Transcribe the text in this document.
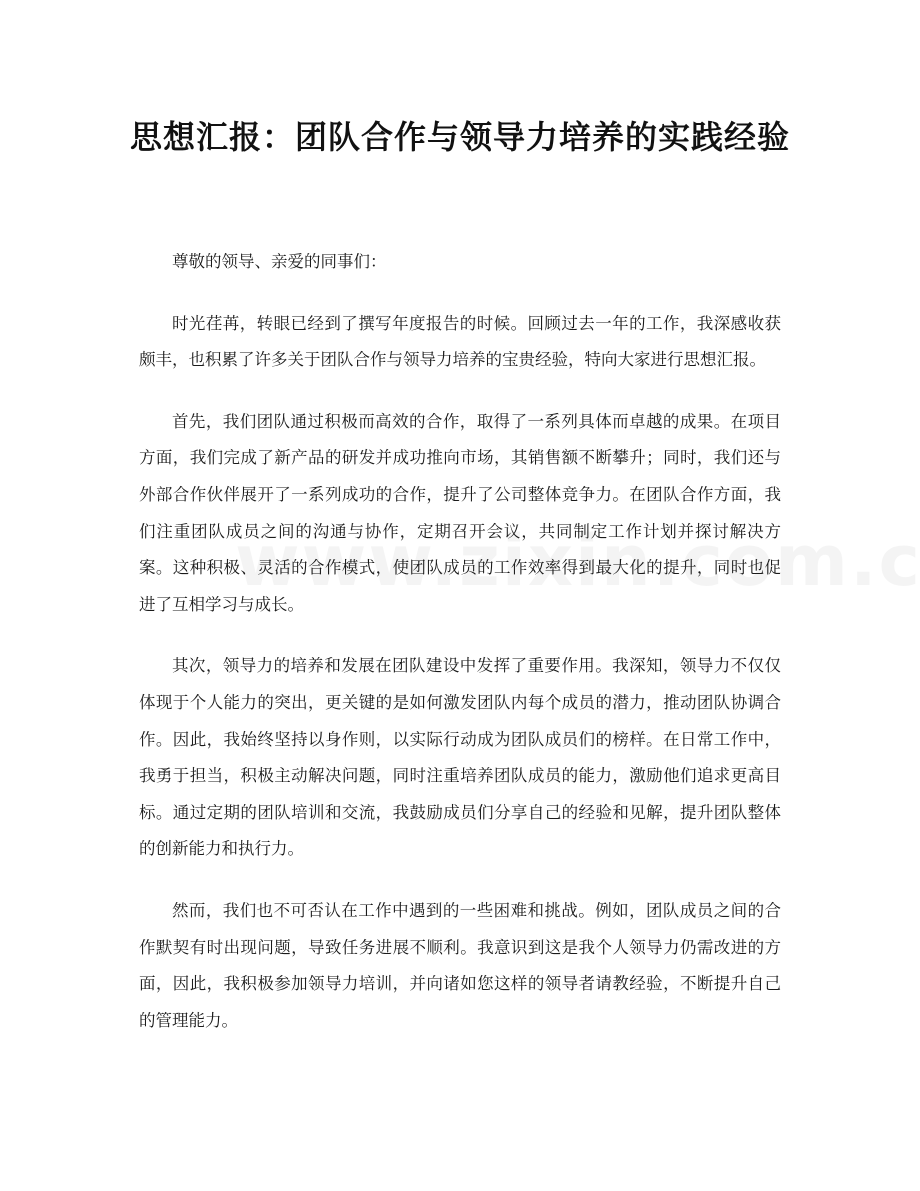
思想汇报：团队合作与领导力培养的实践经验

尊敬的领导、亲爱的同事们：

时光荏苒，转眼已经到了撰写年度报告的时候。回顾过去一年的工作，我深感收获颇丰，也积累了许多关于团队合作与领导力培养的宝贵经验，特向大家进行思想汇报。

首先，我们团队通过积极而高效的合作，取得了一系列具体而卓越的成果。在项目方面，我们完成了新产品的研发并成功推向市场，其销售额不断攀升；同时，我们还与外部合作伙伴展开了一系列成功的合作，提升了公司整体竞争力。在团队合作方面，我们注重团队成员之间的沟通与协作，定期召开会议，共同制定工作计划并探讨解决方案。这种积极、灵活的合作模式，使团队成员的工作效率得到最大化的提升，同时也促进了互相学习与成长。

其次，领导力的培养和发展在团队建设中发挥了重要作用。我深知，领导力不仅仅体现于个人能力的突出，更关键的是如何激发团队内每个成员的潜力，推动团队协调合作。因此，我始终坚持以身作则，以实际行动成为团队成员们的榜样。在日常工作中，我勇于担当，积极主动解决问题，同时注重培养团队成员的能力，激励他们追求更高目标。通过定期的团队培训和交流，我鼓励成员们分享自己的经验和见解，提升团队整体的创新能力和执行力。

然而，我们也不可否认在工作中遇到的一些困难和挑战。例如，团队成员之间的合作默契有时出现问题，导致任务进展不顺利。我意识到这是我个人领导力仍需改进的方面，因此，我积极参加领导力培训，并向诸如您这样的领导者请教经验，不断提升自己的管理能力。
